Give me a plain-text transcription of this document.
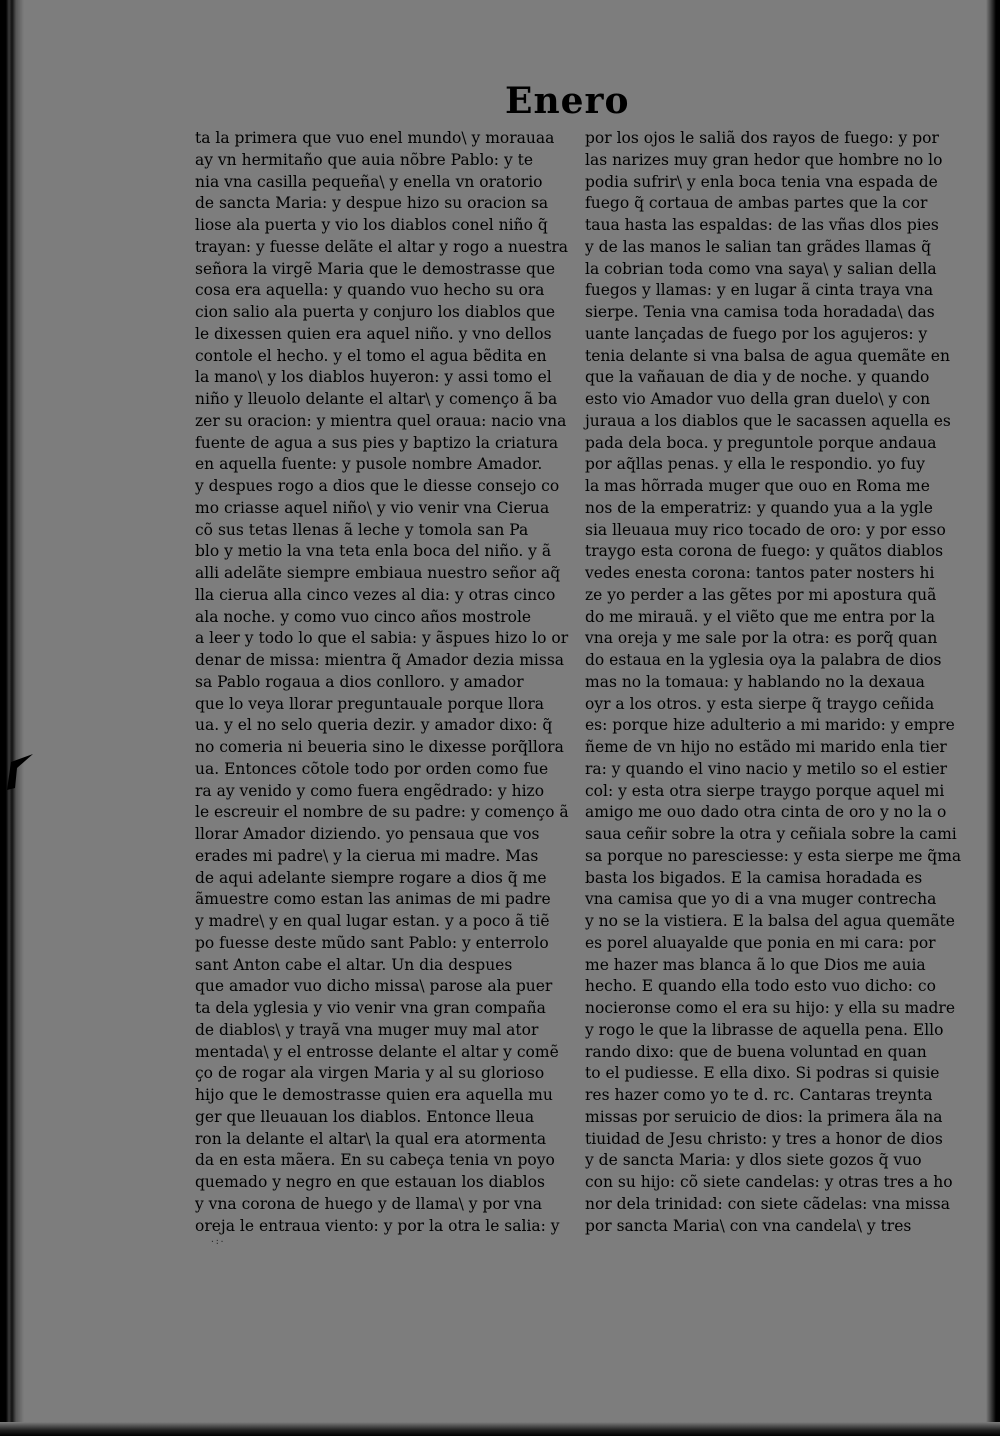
Enero
ta la primera que vuo enel mundo\ y morauaa
ay vn hermitaño que auia nõbre Pablo: y te
nia vna casilla pequeña\ y enella vn oratorio
de sancta Maria: y despue hizo su oracion sa
liose ala puerta y vio los diablos conel niño q̃
trayan: y fuesse delãte el altar y rogo a nuestra
señora la virgẽ Maria que le demostrasse que
cosa era aquella: y quando vuo hecho su ora
cion salio ala puerta y conjuro los diablos que
le dixessen quien era aquel niño. y vno dellos
contole el hecho. y el tomo el agua bẽdita en
la mano\ y los diablos huyeron: y assi tomo el
niño y lleuolo delante el altar\ y començo ã ba
zer su oracion: y mientra quel oraua: nacio vna
fuente de agua a sus pies y baptizo la criatura
en aquella fuente: y pusole nombre Amador.
y despues rogo a dios que le diesse consejo co
mo criasse aquel niño\ y vio venir vna Cierua
cõ sus tetas llenas ã leche y tomola san Pa
blo y metio la vna teta enla boca del niño. y ã
alli adelãte siempre embiaua nuestro señor aq̃
lla cierua alla cinco vezes al dia: y otras cinco
ala noche. y como vuo cinco años mostrole
a leer y todo lo que el sabia: y ãspues hizo lo or
denar de missa: mientra q̃ Amador dezia missa
sa Pablo rogaua a dios conlloro. y amador
que lo veya llorar preguntauale porque llora
ua. y el no selo queria dezir. y amador dixo: q̃
no comeria ni beueria sino le dixesse porq̃llora
ua. Entonces cõtole todo por orden como fue
ra ay venido y como fuera engẽdrado: y hizo
le escreuir el nombre de su padre: y començo ã
llorar Amador diziendo. yo pensaua que vos
erades mi padre\ y la cierua mi madre. Mas
de aqui adelante siempre rogare a dios q̃ me
ãmuestre como estan las animas de mi padre
y madre\ y en qual lugar estan. y a poco ã tiẽ
po fuesse deste mũdo sant Pablo: y enterrolo
sant Anton cabe el altar. Un dia despues
que amador vuo dicho missa\ parose ala puer
ta dela yglesia y vio venir vna gran compaña
de diablos\ y trayã vna muger muy mal ator
mentada\ y el entrosse delante el altar y comẽ
ço de rogar ala virgen Maria y al su glorioso
hijo que le demostrasse quien era aquella mu
ger que lleuauan los diablos. Entonce lleua
ron la delante el altar\ la qual era atormenta
da en esta mãera. En su cabeça tenia vn poyo
quemado y negro en que estauan los diablos
y vna corona de huego y de llama\ y por vna
oreja le entraua viento: y por la otra le salia: y
por los ojos le saliã dos rayos de fuego: y por
las narizes muy gran hedor que hombre no lo
podia sufrir\ y enla boca tenia vna espada de
fuego q̃ cortaua de ambas partes que la cor
taua hasta las espaldas: de las vñas dlos pies
y de las manos le salian tan grãdes llamas q̃
la cobrian toda como vna saya\ y salian della
fuegos y llamas: y en lugar ã cinta traya vna
sierpe. Tenia vna camisa toda horadada\ das
uante lançadas de fuego por los agujeros: y
tenia delante si vna balsa de agua quemãte en
que la vañauan de dia y de noche. y quando
esto vio Amador vuo della gran duelo\ y con
juraua a los diablos que le sacassen aquella es
pada dela boca. y preguntole porque andaua
por aq̃llas penas. y ella le respondio. yo fuy
la mas hõrrada muger que ouo en Roma me
nos de la emperatriz: y quando yua a la ygle
sia lleuaua muy rico tocado de oro: y por esso
traygo esta corona de fuego: y quãtos diablos
vedes enesta corona: tantos pater nosters hi
ze yo perder a las gẽtes por mi apostura quã
do me mirauã. y el viẽto que me entra por la
vna oreja y me sale por la otra: es porq̃ quan
do estaua en la yglesia oya la palabra de dios
mas no la tomaua: y hablando no la dexaua
oyr a los otros. y esta sierpe q̃ traygo ceñida
es: porque hize adulterio a mi marido: y empre
ñeme de vn hijo no estãdo mi marido enla tier
ra: y quando el vino nacio y metilo so el estier
col: y esta otra sierpe traygo porque aquel mi
amigo me ouo dado otra cinta de oro y no la o
saua ceñir sobre la otra y ceñiala sobre la cami
sa porque no paresciesse: y esta sierpe me q̃ma
basta los bigados. E la camisa horadada es
vna camisa que yo di a vna muger contrecha
y no se la vistiera. E la balsa del agua quemãte
es porel aluayalde que ponia en mi cara: por
me hazer mas blanca ã lo que Dios me auia
hecho. E quando ella todo esto vuo dicho: co
nocieronse como el era su hijo: y ella su madre
y rogo le que la librasse de aquella pena. Ello
rando dixo: que de buena voluntad en quan
to el pudiesse. E ella dixo. Si podras si quisie
res hazer como yo te d. rc. Cantaras treynta
missas por seruicio de dios: la primera ãla na
tiuidad de Jesu christo: y tres a honor de dios
y de sancta Maria: y dlos siete gozos q̃ vuo
con su hijo: cõ siete candelas: y otras tres a ho
nor dela trinidad: con siete cãdelas: vna missa
por sancta Maria\ con vna candela\ y tres
·:·
